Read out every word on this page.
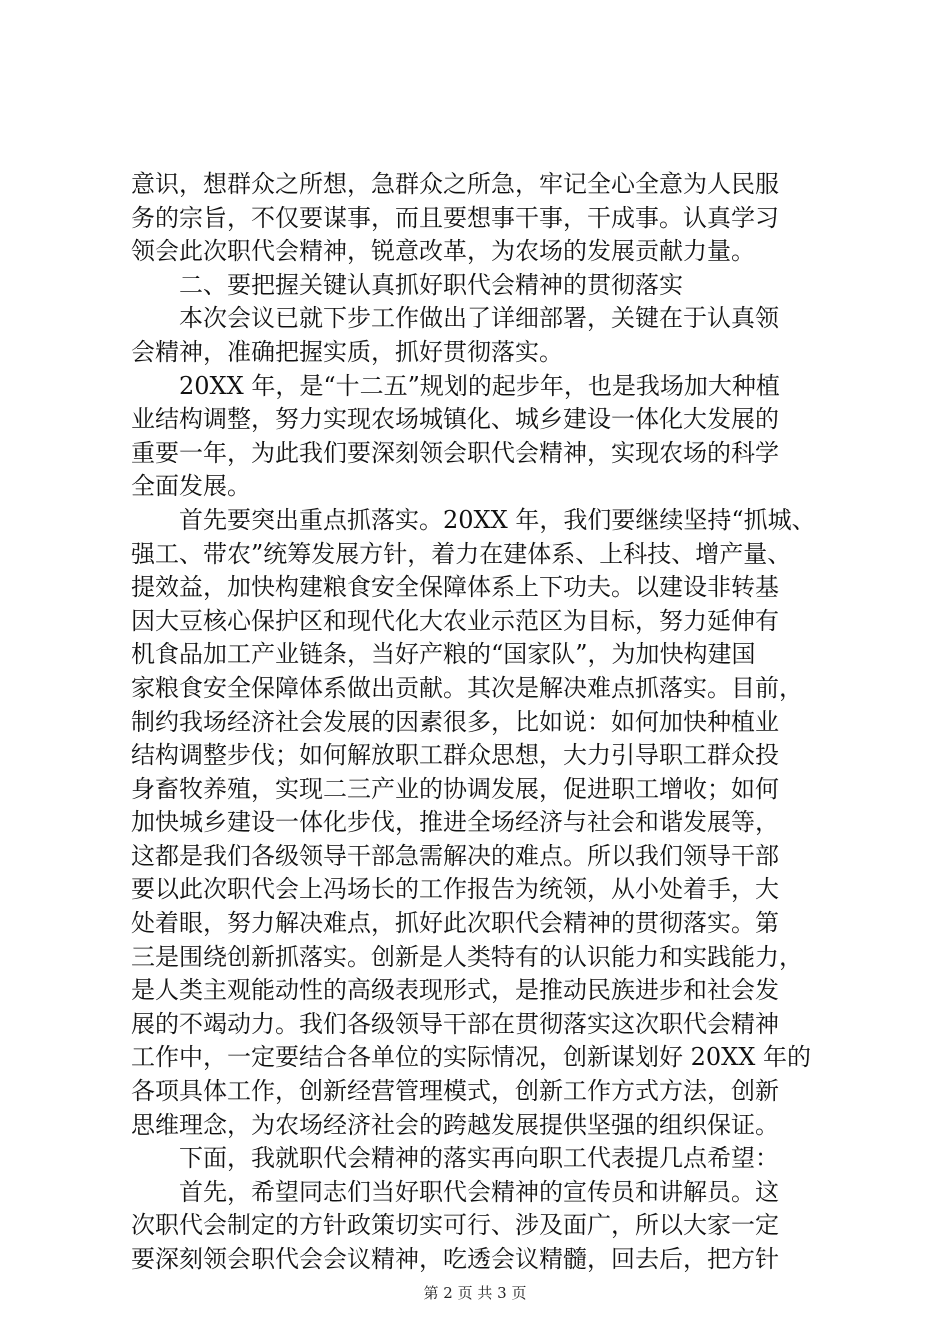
意识，想群众之所想，急群众之所急，牢记全心全意为人民服
务的宗旨，不仅要谋事，而且要想事干事，干成事。认真学习
领会此次职代会精神，锐意改革，为农场的发展贡献力量。
二、要把握关键认真抓好职代会精神的贯彻落实
本次会议已就下步工作做出了详细部署，关键在于认真领
会精神，准确把握实质，抓好贯彻落实。
20XX 年，是“十二五”规划的起步年，也是我场加大种植
业结构调整，努力实现农场城镇化、城乡建设一体化大发展的
重要一年，为此我们要深刻领会职代会精神，实现农场的科学
全面发展。
首先要突出重点抓落实。20XX 年，我们要继续坚持“抓城、
强工、带农”统筹发展方针，着力在建体系、上科技、增产量、
提效益，加快构建粮食安全保障体系上下功夫。以建设非转基
因大豆核心保护区和现代化大农业示范区为目标，努力延伸有
机食品加工产业链条，当好产粮的“国家队”，为加快构建国
家粮食安全保障体系做出贡献。其次是解决难点抓落实。目前，
制约我场经济社会发展的因素很多，比如说：如何加快种植业
结构调整步伐；如何解放职工群众思想，大力引导职工群众投
身畜牧养殖，实现二三产业的协调发展，促进职工增收；如何
加快城乡建设一体化步伐，推进全场经济与社会和谐发展等，
这都是我们各级领导干部急需解决的难点。所以我们领导干部
要以此次职代会上冯场长的工作报告为统领，从小处着手，大
处着眼，努力解决难点，抓好此次职代会精神的贯彻落实。第
三是围绕创新抓落实。创新是人类特有的认识能力和实践能力，
是人类主观能动性的高级表现形式，是推动民族进步和社会发
展的不竭动力。我们各级领导干部在贯彻落实这次职代会精神
工作中，一定要结合各单位的实际情况，创新谋划好 20XX 年的
各项具体工作，创新经营管理模式，创新工作方式方法，创新
思维理念，为农场经济社会的跨越发展提供坚强的组织保证。
下面，我就职代会精神的落实再向职工代表提几点希望：
首先，希望同志们当好职代会精神的宣传员和讲解员。这
次职代会制定的方针政策切实可行、涉及面广，所以大家一定
要深刻领会职代会会议精神，吃透会议精髓，回去后，把方针
第 2 页 共 3 页
